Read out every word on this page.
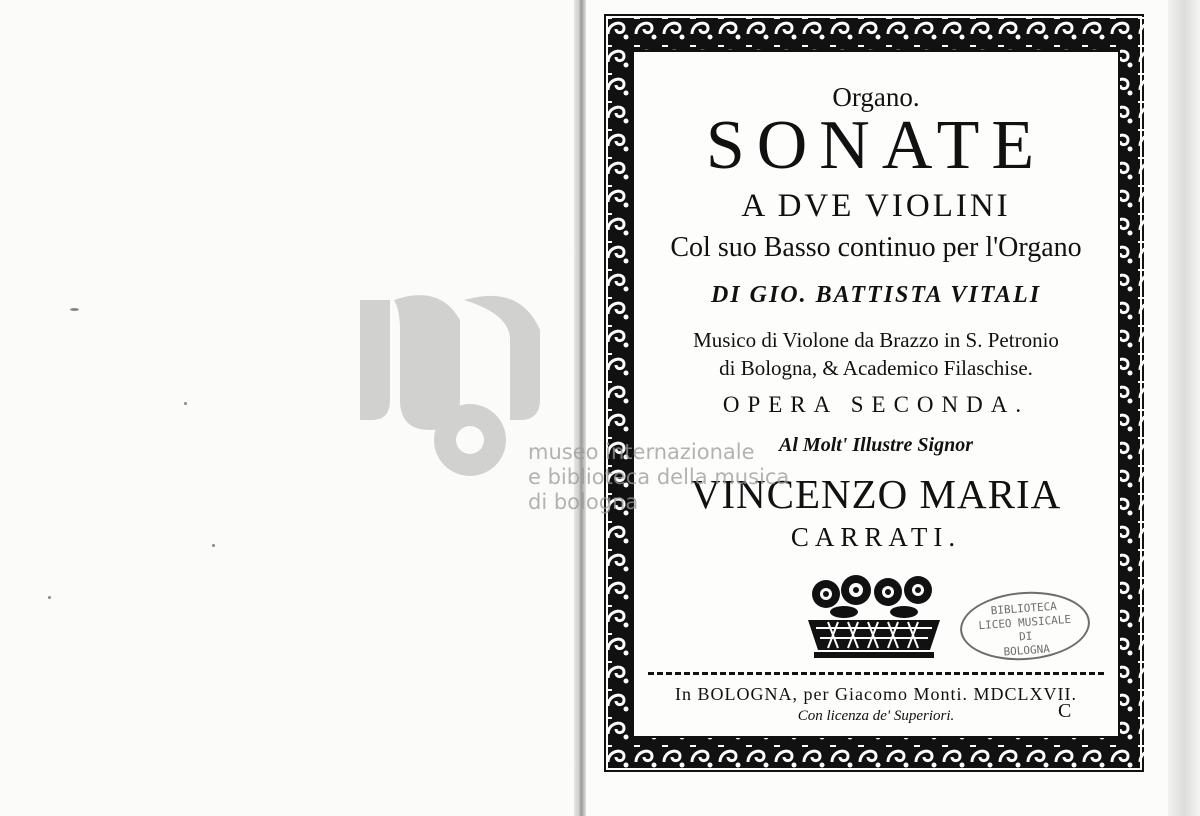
Organo.
SONATE
A DVE VIOLINI
Col suo Basso continuo per l'Organo
DI GIO. BATTISTA VITALI
Musico di Violone da Brazzo in S. Petronio
di Bologna, & Academico Filaschise.
OPERA SECONDA.
Al Molt' Illustre Signor
VINCENZO MARIA
CARRATI.
In BOLOGNA, per Giacomo Monti. MDCLXVII.
Con licenza de' Superiori.	C
BIBLIOTECA
LICEO MUSICALE
DI
BOLOGNA
museo internazionale
e biblioteca della musica
di bologna
